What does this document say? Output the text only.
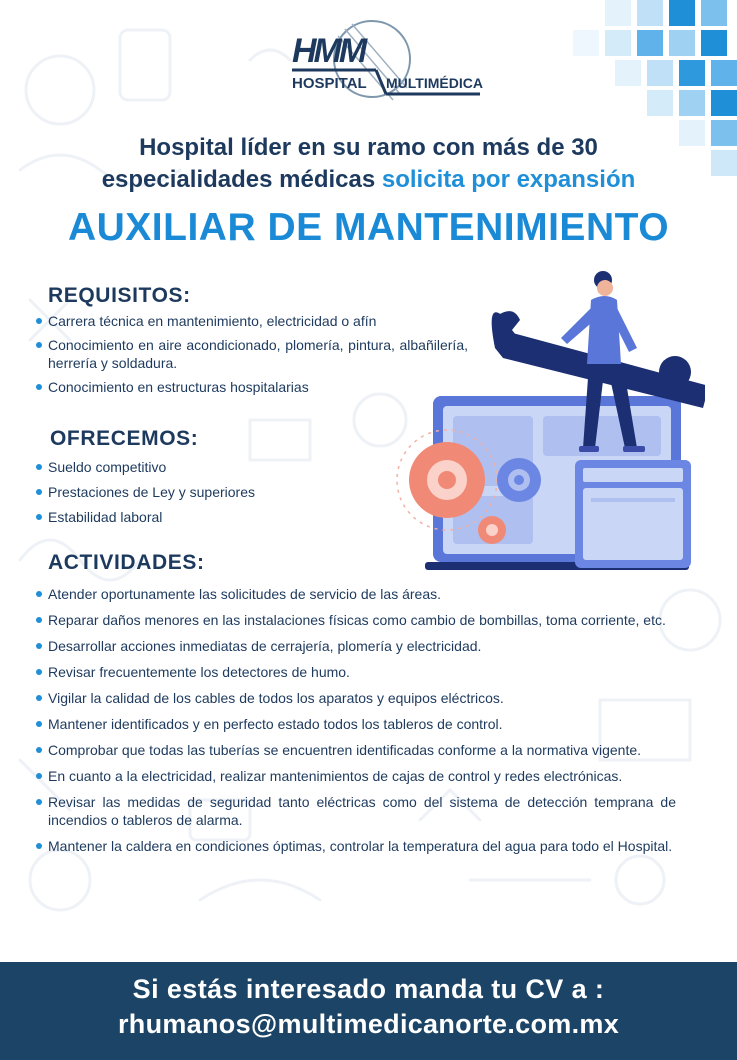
HMM
HOSPITAL MULTIMÉDICA
Hospital líder en su ramo con más de 30
especialidades médicas solicita por expansión
AUXILIAR DE MANTENIMIENTO
REQUISITOS:
Carrera técnica en mantenimiento, electricidad o afín
Conocimiento en aire acondicionado, plomería, pintura, albañilería, herrería y soldadura.
Conocimiento en estructuras hospitalarias
OFRECEMOS:
Sueldo competitivo
Prestaciones de Ley y superiores
Estabilidad laboral
ACTIVIDADES:
Atender oportunamente las solicitudes de servicio de las áreas.
Reparar daños menores en las instalaciones físicas como cambio de bombillas, toma corriente, etc.
Desarrollar acciones inmediatas de cerrajería, plomería y electricidad.
Revisar frecuentemente los detectores de humo.
Vigilar la calidad de los cables de todos los aparatos y equipos eléctricos.
Mantener identificados y en perfecto estado todos los tableros de control.
Comprobar que todas las tuberías se encuentren identificadas conforme a la normativa vigente.
En cuanto a la electricidad, realizar mantenimientos de cajas de control y redes electrónicas.
Revisar las medidas de seguridad tanto eléctricas como del sistema de detección temprana de incendios o tableros de alarma.
Mantener la caldera en condiciones óptimas, controlar la temperatura del agua para todo el Hospital.
Si estás interesado manda tu CV a :
rhumanos@multimedicanorte.com.mx
